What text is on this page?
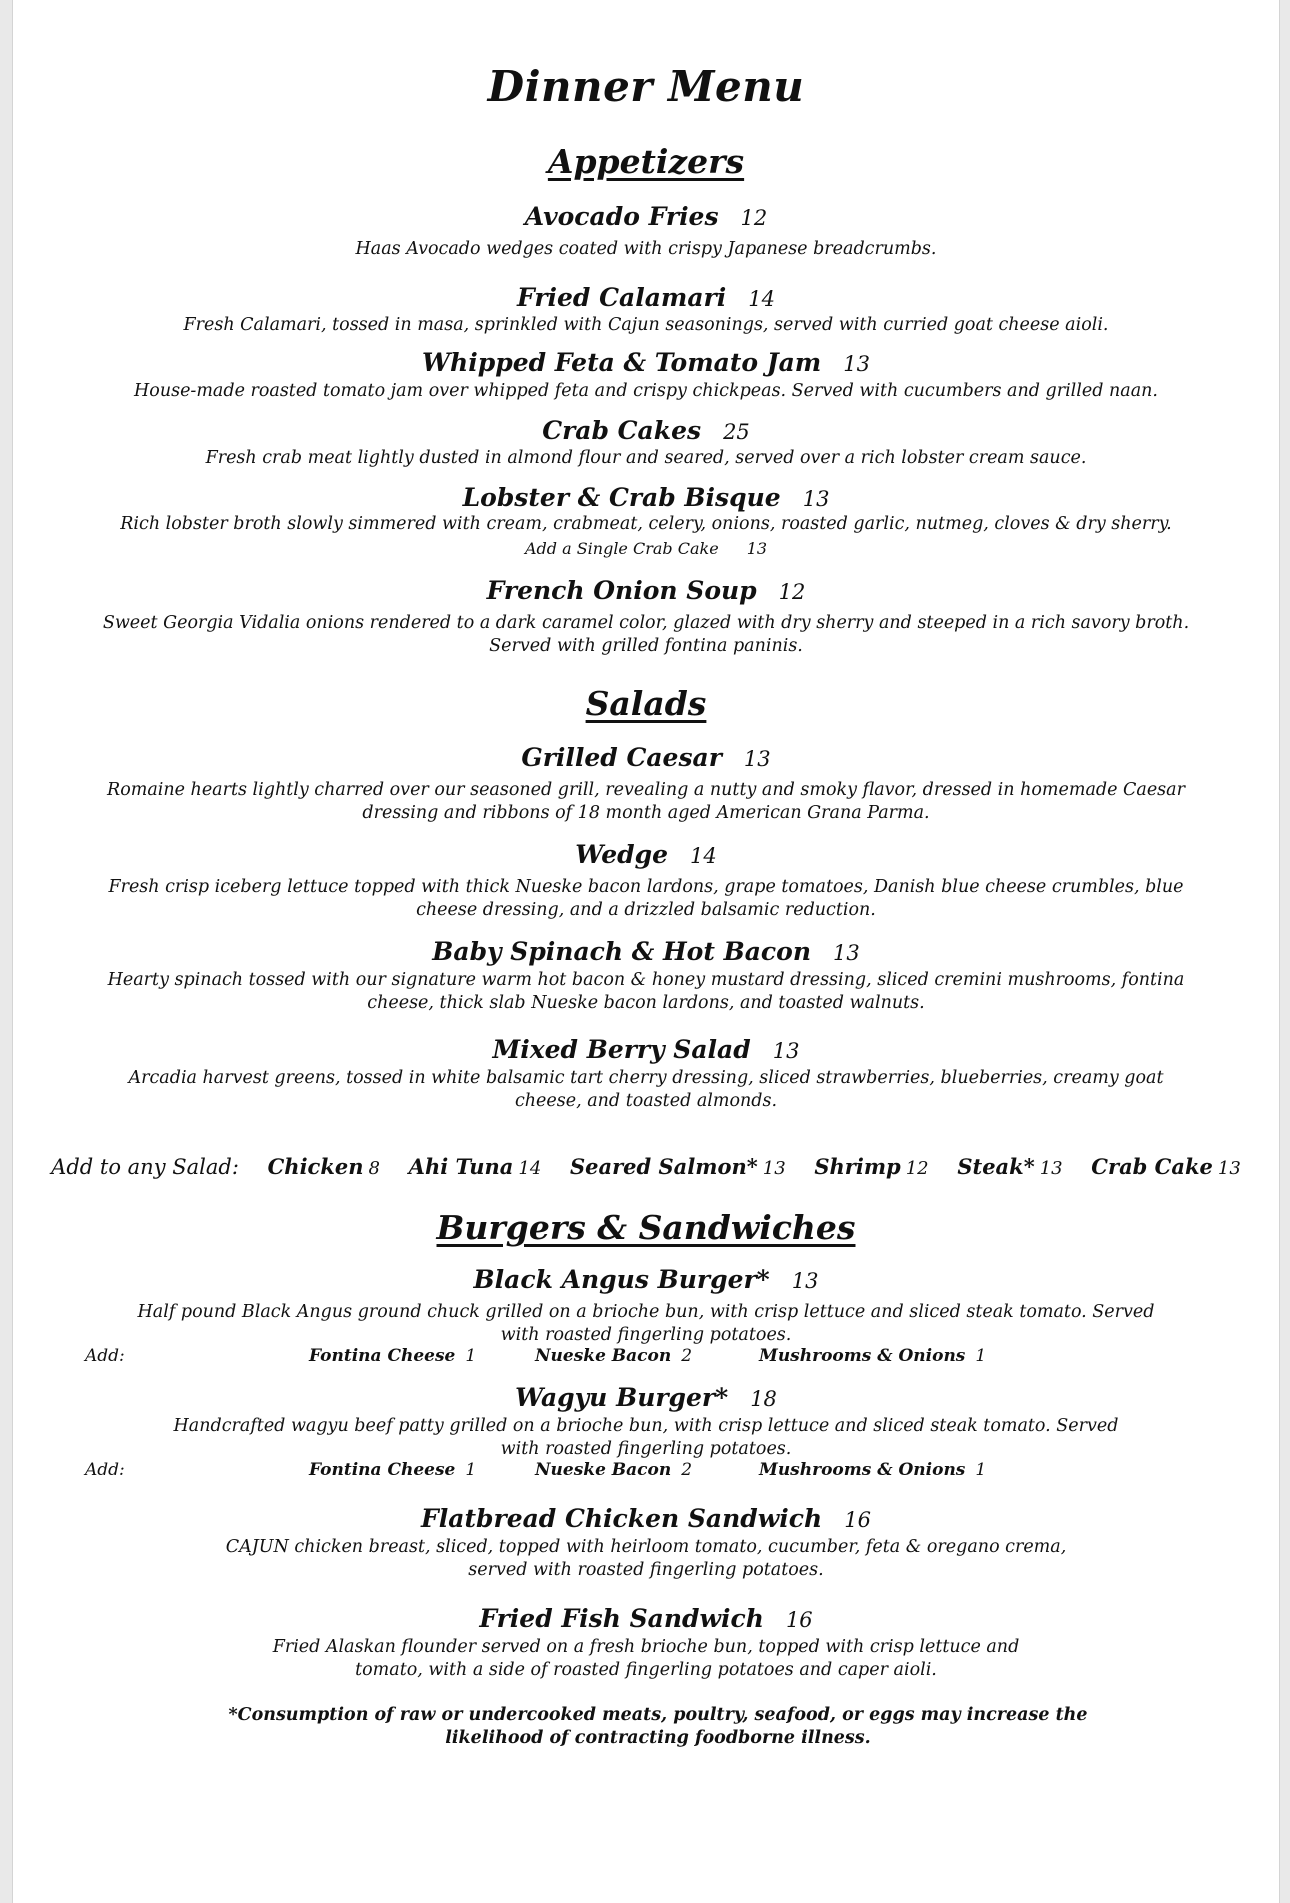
Dinner Menu
Appetizers
Avocado Fries 12
Haas Avocado wedges coated with crispy Japanese breadcrumbs.
Fried Calamari 14
Fresh Calamari, tossed in masa, sprinkled with Cajun seasonings, served with curried goat cheese aioli.
Whipped Feta & Tomato Jam 13
House-made roasted tomato jam over whipped feta and crispy chickpeas. Served with cucumbers and grilled naan.
Crab Cakes 25
Fresh crab meat lightly dusted in almond flour and seared, served over a rich lobster cream sauce.
Lobster & Crab Bisque 13
Rich lobster broth slowly simmered with cream, crabmeat, celery, onions, roasted garlic, nutmeg, cloves & dry sherry.
Add a Single Crab Cake 13
French Onion Soup 12
Sweet Georgia Vidalia onions rendered to a dark caramel color, glazed with dry sherry and steeped in a rich savory broth. Served with grilled fontina paninis.
Salads
Grilled Caesar 13
Romaine hearts lightly charred over our seasoned grill, revealing a nutty and smoky flavor, dressed in homemade Caesar dressing and ribbons of 18 month aged American Grana Parma.
Wedge 14
Fresh crisp iceberg lettuce topped with thick Nueske bacon lardons, grape tomatoes, Danish blue cheese crumbles, blue cheese dressing, and a drizzled balsamic reduction.
Baby Spinach & Hot Bacon 13
Hearty spinach tossed with our signature warm hot bacon & honey mustard dressing, sliced cremini mushrooms, fontina cheese, thick slab Nueske bacon lardons, and toasted walnuts.
Mixed Berry Salad 13
Arcadia harvest greens, tossed in white balsamic tart cherry dressing, sliced strawberries, blueberries, creamy goat cheese, and toasted almonds.
Add to any Salad: Chicken 8 Ahi Tuna 14 Seared Salmon* 13 Shrimp 12 Steak* 13 Crab Cake 13
Burgers & Sandwiches
Black Angus Burger* 13
Half pound Black Angus ground chuck grilled on a brioche bun, with crisp lettuce and sliced steak tomato. Served with roasted fingerling potatoes.
Add:	Fontina Cheese 1	Nueske Bacon 2	Mushrooms & Onions 1
Wagyu Burger* 18
Handcrafted wagyu beef patty grilled on a brioche bun, with crisp lettuce and sliced steak tomato. Served with roasted fingerling potatoes.
Add:	Fontina Cheese 1	Nueske Bacon 2	Mushrooms & Onions 1
Flatbread Chicken Sandwich 16
CAJUN chicken breast, sliced, topped with heirloom tomato, cucumber, feta & oregano crema, served with roasted fingerling potatoes.
Fried Fish Sandwich 16
Fried Alaskan flounder served on a fresh brioche bun, topped with crisp lettuce and tomato, with a side of roasted fingerling potatoes and caper aioli.
*Consumption of raw or undercooked meats, poultry, seafood, or eggs may increase the likelihood of contracting foodborne illness.
